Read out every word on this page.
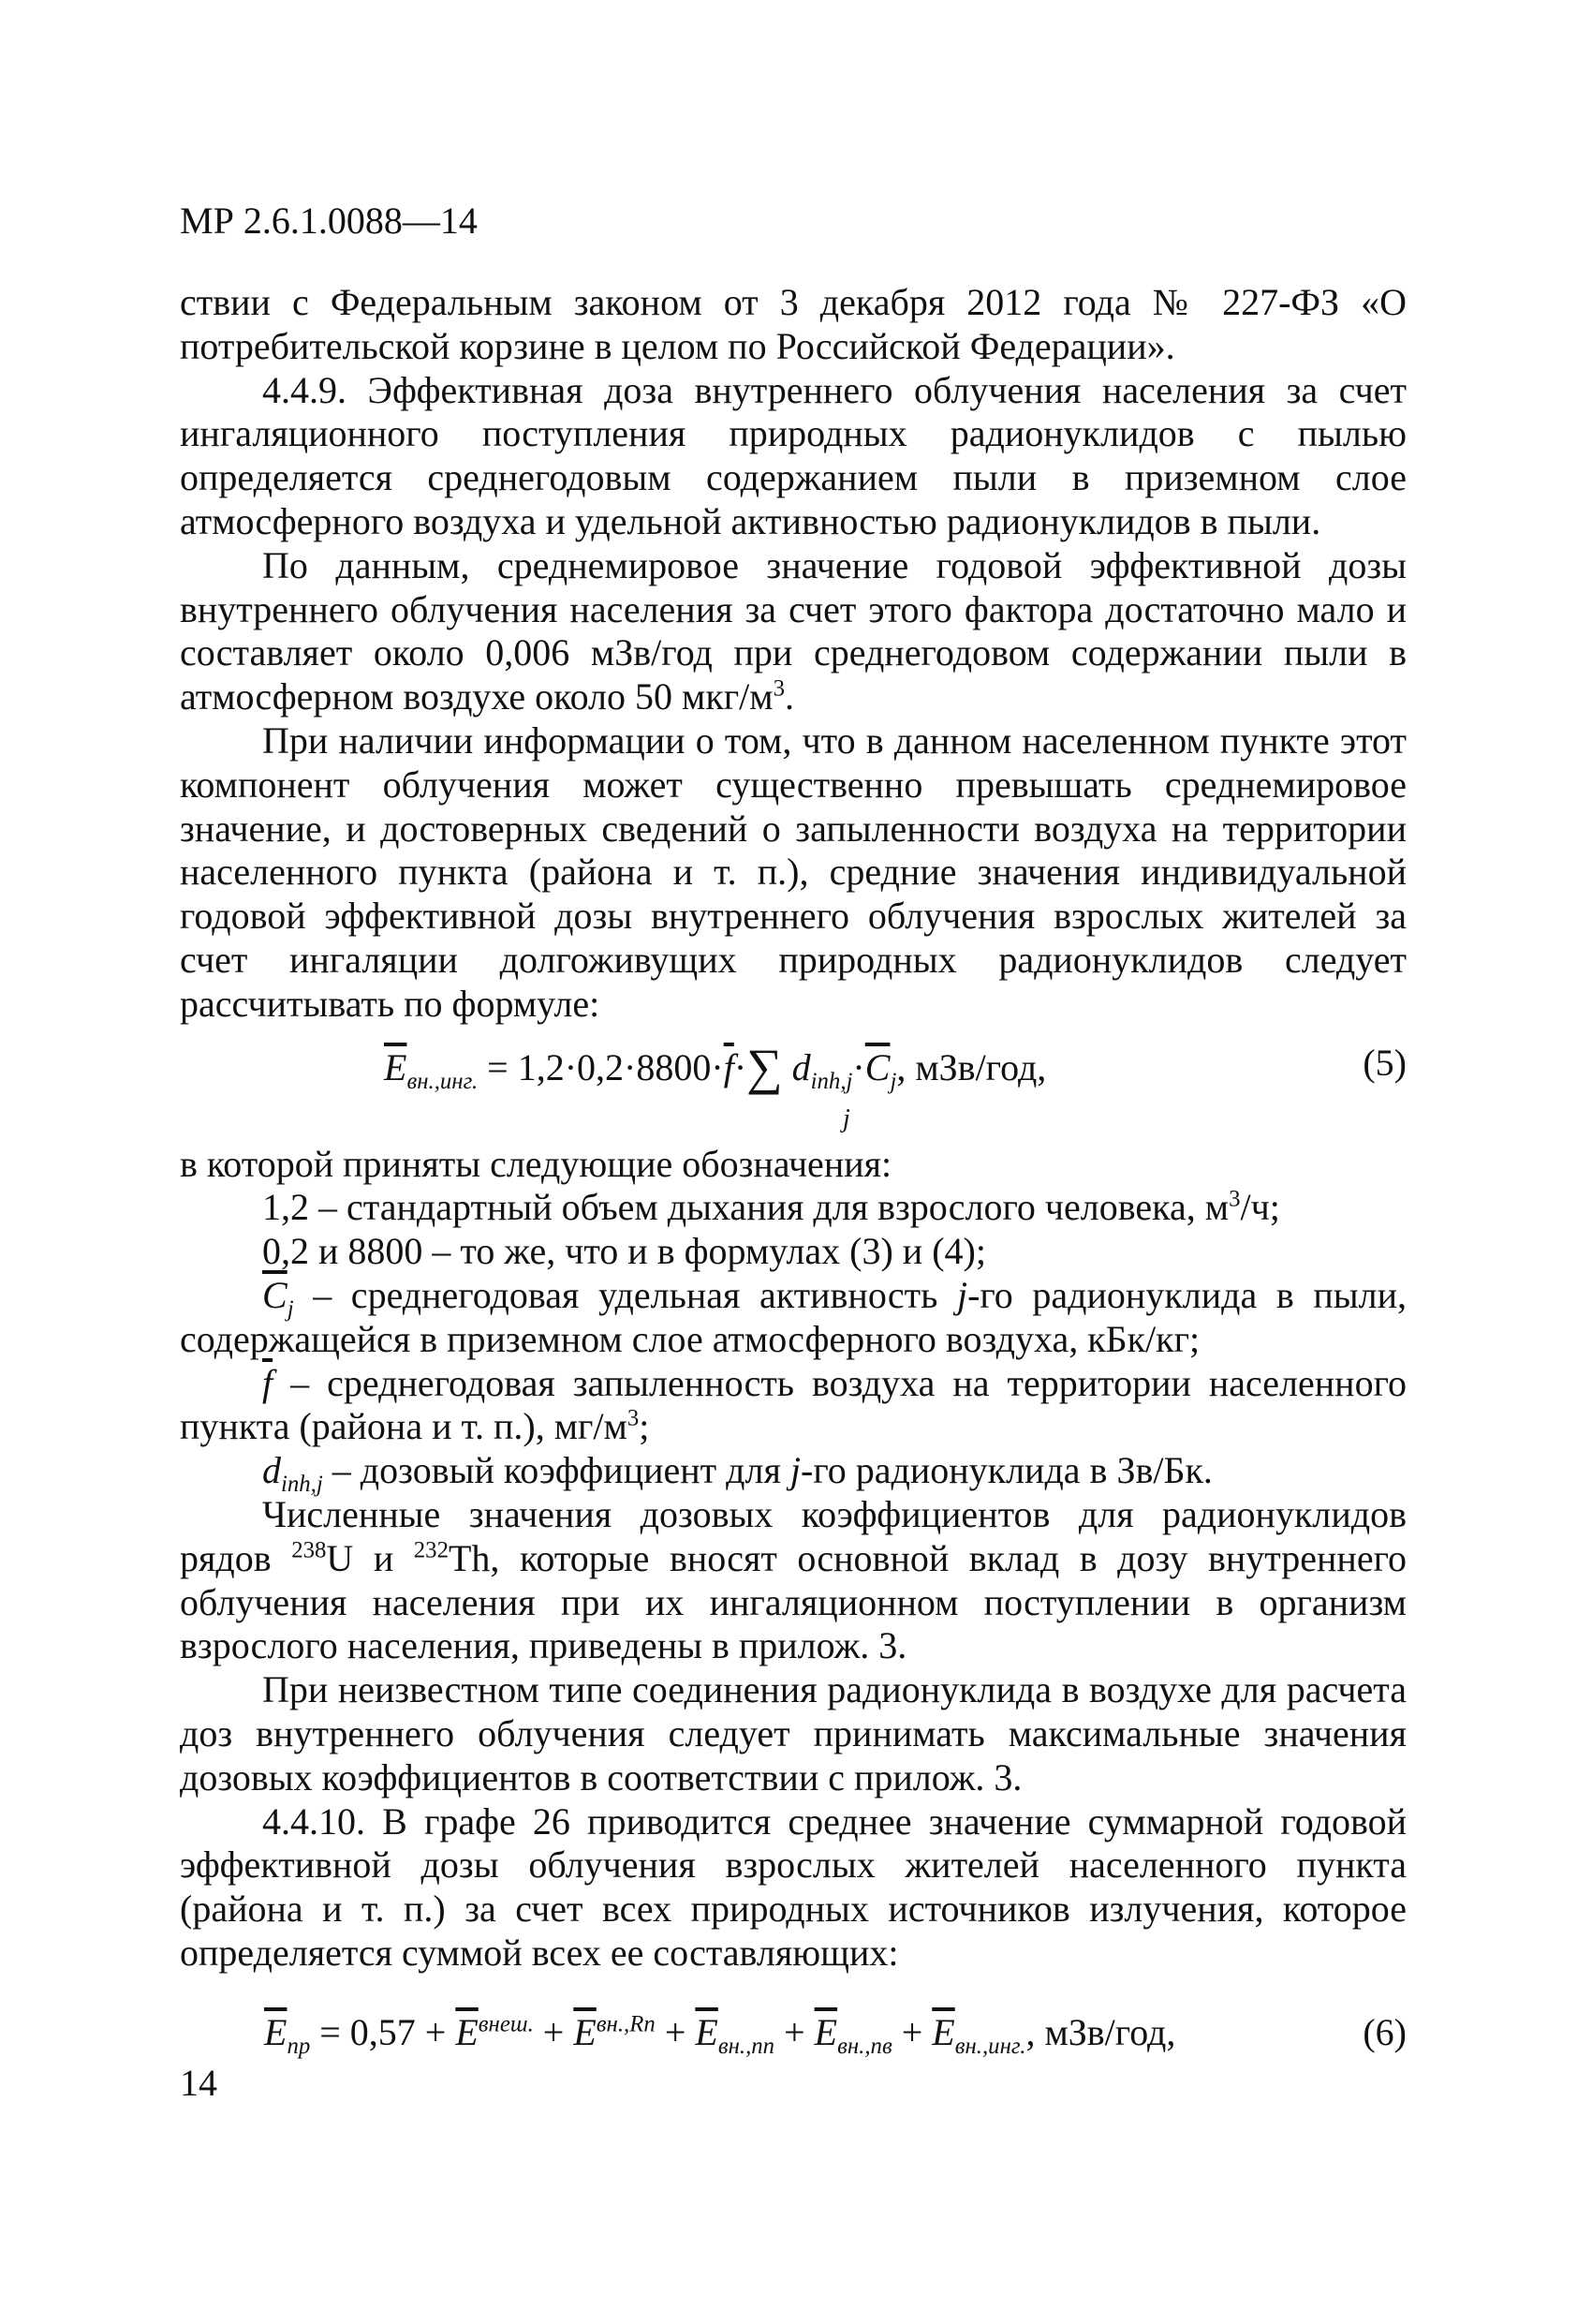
МР 2.6.1.0088—14

ствии с Федеральным законом от 3 декабря 2012 года № 227-ФЗ «О потребительской корзине в целом по Российской Федерации».

4.4.9. Эффективная доза внутреннего облучения населения за счет ингаляционного поступления природных радионуклидов с пылью определяется среднегодовым содержанием пыли в приземном слое атмосферного воздуха и удельной активностью радионуклидов в пыли.

По данным, среднемировое значение годовой эффективной дозы внутреннего облучения населения за счет этого фактора достаточно мало и составляет около 0,006 мЗв/год при среднегодовом содержании пыли в атмосферном воздухе около 50 мкг/$м^3$.

При наличии информации о том, что в данном населенном пункте этот компонент облучения может существенно превышать среднемировое значение, и достоверных сведений о запыленности воздуха на территории населенного пункта (района и т. п.), средние значения индивидуальной годовой эффективной дозы внутреннего облучения взрослых жителей за счет ингаляции долгоживущих природных радионуклидов следует рассчитывать по формуле:

$\overline{E}_{вн.,инг.} = 1,2\cdot 0,2\cdot 8800\cdot\overline{f}\cdot\sum$ $d_{inh,j}\cdot\overline{C}_j$, мЗв/год,
j
(5)

в которой приняты следующие обозначения:

1,2 – стандартный объем дыхания для взрослого человека, $м^3/ч$;

0,2 и 8800 – то же, что и в формулах (3) и (4);

$\overline{C}_j$ – среднегодовая удельная активность j-го радионуклида в пыли, содержащейся в приземном слое атмосферного воздуха, кБк/кг;

$\overline{f}$ – среднегодовая запыленность воздуха на территории населенного пункта (района и т. п.), $мг/м^3$;

$d_{inh,j}$ – дозовый коэффициент для j-го радионуклида в Зв/Бк.

Численные значения дозовых коэффициентов для радионуклидов рядов $^{238}$U и $^{232}$Th, которые вносят основной вклад в дозу внутреннего облучения населения при их ингаляционном поступлении в организм взрослого населения, приведены в прилож. 3.

При неизвестном типе соединения радионуклида в воздухе для расчета доз внутреннего облучения следует принимать максимальные значения дозовых коэффициентов в соответствии с прилож. 3.

4.4.10. В графе 26 приводится среднее значение суммарной годовой эффективной дозы облучения взрослых жителей населенного пункта (района и т. п.) за счет всех природных источников излучения, которое определяется суммой всех ее составляющих:

$\overline{E}_{пр} = 0,57 + \overline{E}^{внеш.} + \overline{E}^{вн.,Rn} + \overline{E}_{вн.,пп} + \overline{E}_{вн.,пв} + \overline{E}_{вн.,инг.}$, мЗв/год,	(6)
14
